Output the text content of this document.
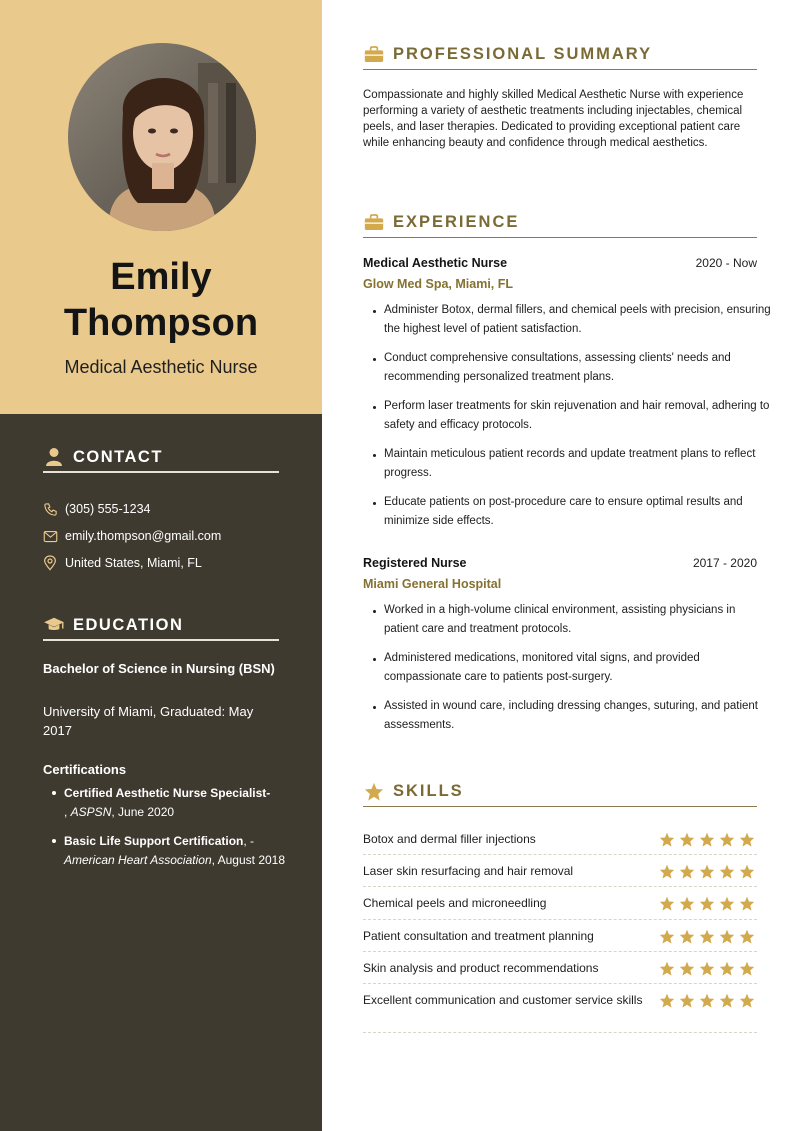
Emily
Thompson
Medical Aesthetic Nurse
CONTACT
(305) 555-1234
emily.thompson@gmail.com
United States, Miami, FL
EDUCATION
Bachelor of Science in Nursing (BSN)
University of Miami, Graduated: May 2017
Certifications
Certified Aesthetic Nurse Specialist-
, ASPSN, June 2020
Basic Life Support Certification, - American Heart Association, August 2018
PROFESSIONAL SUMMARY
Compassionate and highly skilled Medical Aesthetic Nurse with experience performing a variety of aesthetic treatments including injectables, chemical peels, and laser therapies. Dedicated to providing exceptional patient care while enhancing beauty and confidence through medical aesthetics.
EXPERIENCE
Medical Aesthetic Nurse	2020 - Now
Glow Med Spa, Miami, FL
Administer Botox, dermal fillers, and chemical peels with precision, ensuring the highest level of patient satisfaction.
Conduct comprehensive consultations, assessing clients' needs and recommending personalized treatment plans.
Perform laser treatments for skin rejuvenation and hair removal, adhering to safety and efficacy protocols.
Maintain meticulous patient records and update treatment plans to reflect progress.
Educate patients on post-procedure care to ensure optimal results and minimize side effects.
Registered Nurse	2017 - 2020
Miami General Hospital
Worked in a high-volume clinical environment, assisting physicians in patient care and treatment protocols.
Administered medications, monitored vital signs, and provided compassionate care to patients post-surgery.
Assisted in wound care, including dressing changes, suturing, and patient assessments.
SKILLS
Botox and dermal filler injections
Laser skin resurfacing and hair removal
Chemical peels and microneedling
Patient consultation and treatment planning
Skin analysis and product recommendations
Excellent communication and customer service skills
